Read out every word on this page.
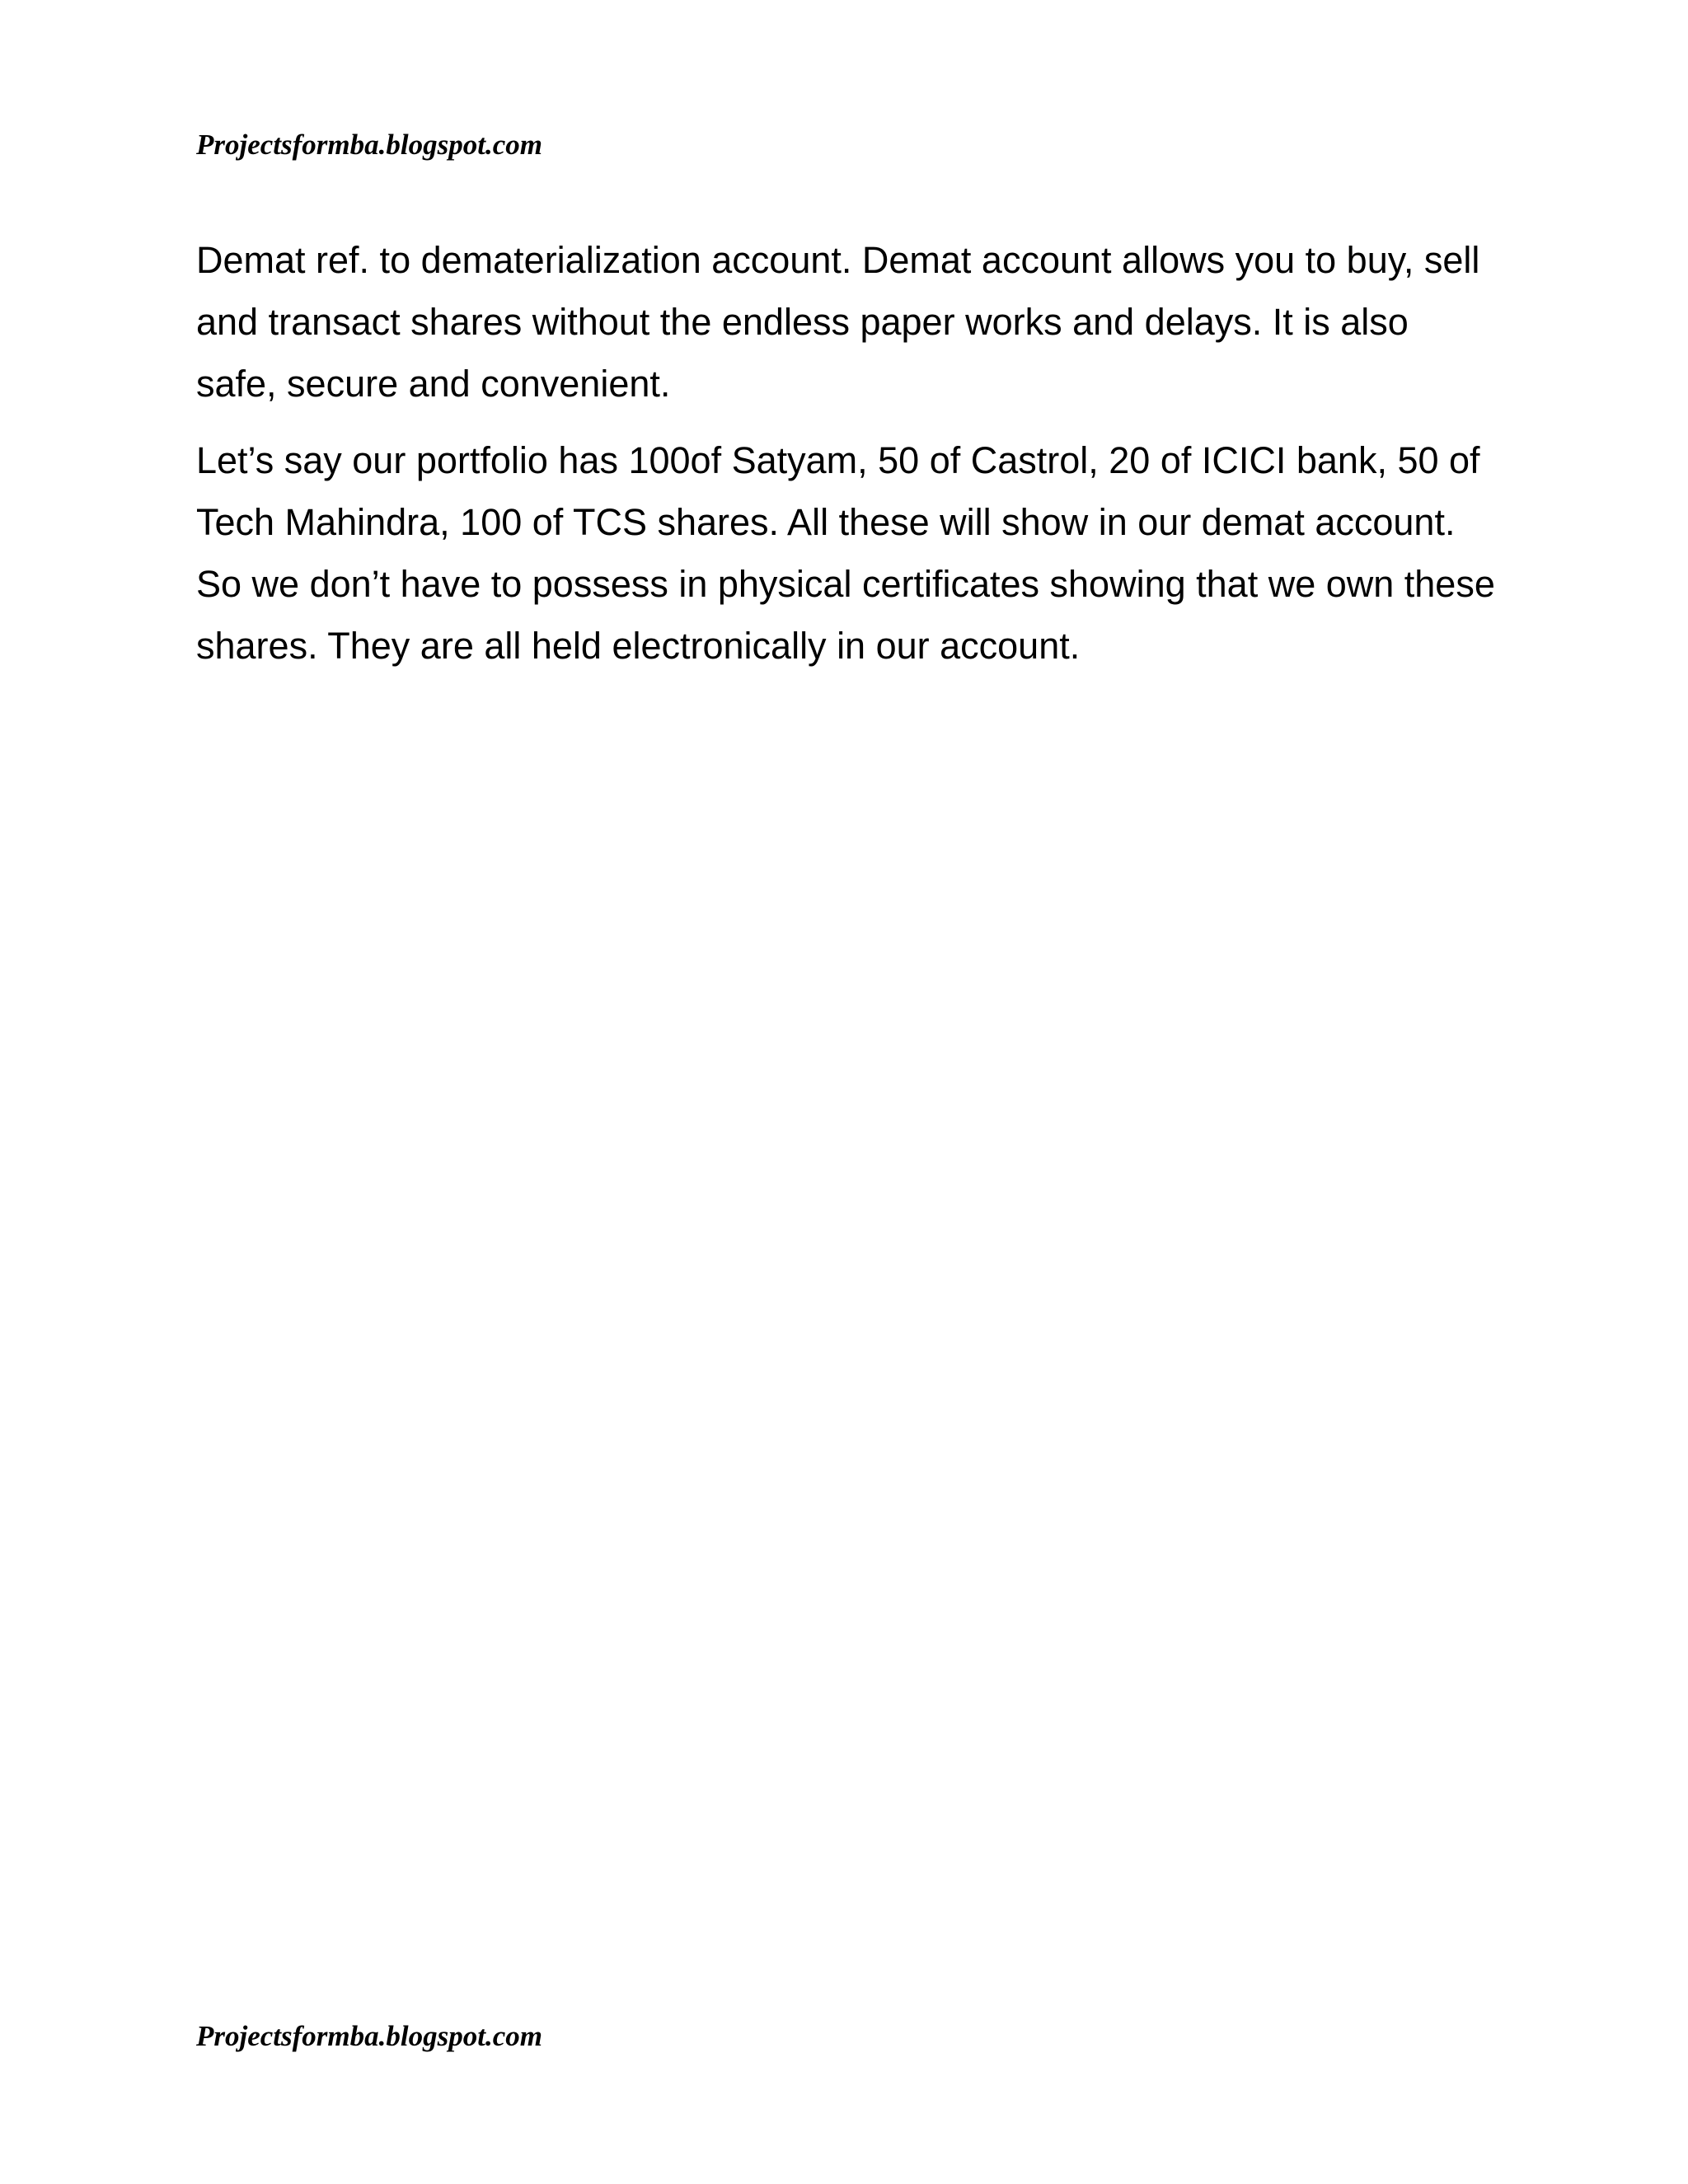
Projectsformba.blogspot.com

Demat ref. to dematerialization account. Demat account allows you to buy, sell and transact shares without the endless paper works and delays. It is also safe, secure and convenient.

Let’s say our portfolio has 100of Satyam, 50 of Castrol, 20 of ICICI bank, 50 of Tech Mahindra, 100 of TCS shares. All these will show in our demat account. So we don’t have to possess in physical certificates showing that we own these shares. They are all held electronically in our account.

Projectsformba.blogspot.com
